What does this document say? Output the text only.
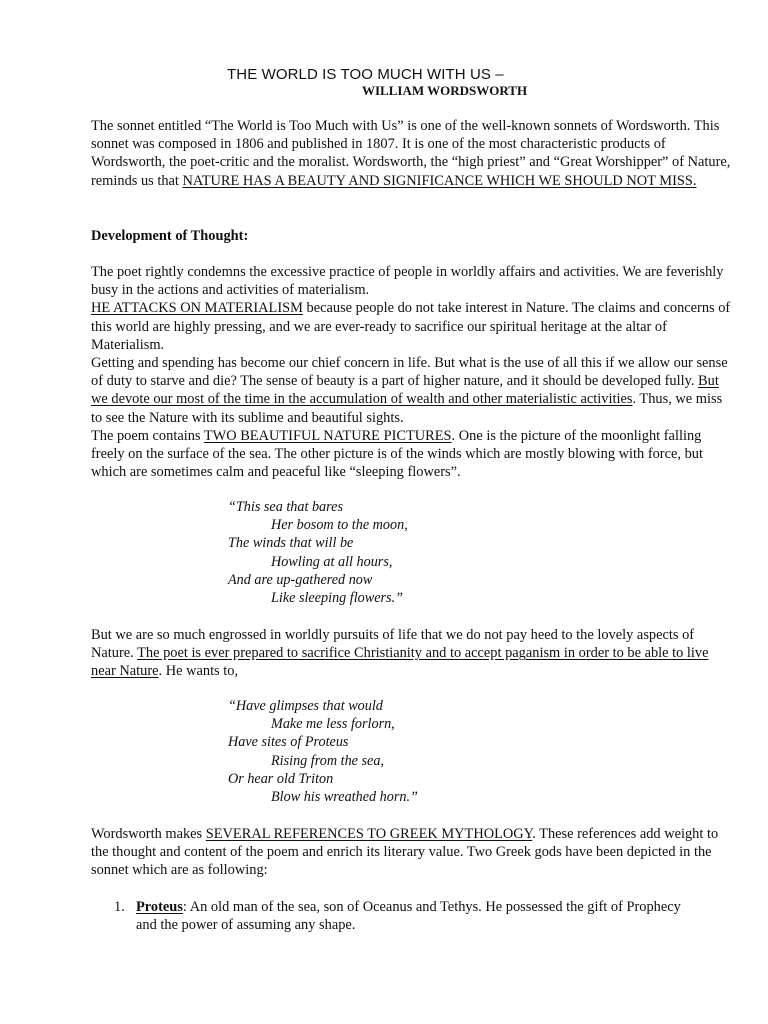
THE WORLD IS TOO MUCH WITH US –
WILLIAM WORDSWORTH

The sonnet entitled “The World is Too Much with Us” is one of the well-known sonnets of Wordsworth. This sonnet was composed in 1806 and published in 1807. It is one of the most characteristic products of Wordsworth, the poet-critic and the moralist. Wordsworth, the “high priest” and “Great Worshipper” of Nature, reminds us that NATURE HAS A BEAUTY AND SIGNIFICANCE WHICH WE SHOULD NOT MISS.

Development of Thought:

The poet rightly condemns the excessive practice of people in worldly affairs and activities. We are feverishly busy in the actions and activities of materialism.

HE ATTACKS ON MATERIALISM because people do not take interest in Nature. The claims and concerns of this world are highly pressing, and we are ever-ready to sacrifice our spiritual heritage at the altar of Materialism.

Getting and spending has become our chief concern in life. But what is the use of all this if we allow our sense of duty to starve and die? The sense of beauty is a part of higher nature, and it should be developed fully. But we devote our most of the time in the accumulation of wealth and other materialistic activities. Thus, we miss to see the Nature with its sublime and beautiful sights.

The poem contains TWO BEAUTIFUL NATURE PICTURES. One is the picture of the moonlight falling freely on the surface of the sea. The other picture is of the winds which are mostly blowing with force, but which are sometimes calm and peaceful like “sleeping flowers”.

“This sea that bares
Her bosom to the moon,
The winds that will be
Howling at all hours,
And are up-gathered now
Like sleeping flowers.”

But we are so much engrossed in worldly pursuits of life that we do not pay heed to the lovely aspects of Nature. The poet is ever prepared to sacrifice Christianity and to accept paganism in order to be able to live near Nature. He wants to,

“Have glimpses that would
Make me less forlorn,
Have sites of Proteus
Rising from the sea,
Or hear old Triton
Blow his wreathed horn.”

Wordsworth makes SEVERAL REFERENCES TO GREEK MYTHOLOGY. These references add weight to the thought and content of the poem and enrich its literary value. Two Greek gods have been depicted in the sonnet which are as following:

1. Proteus: An old man of the sea, son of Oceanus and Tethys. He possessed the gift of Prophecy and the power of assuming any shape.
